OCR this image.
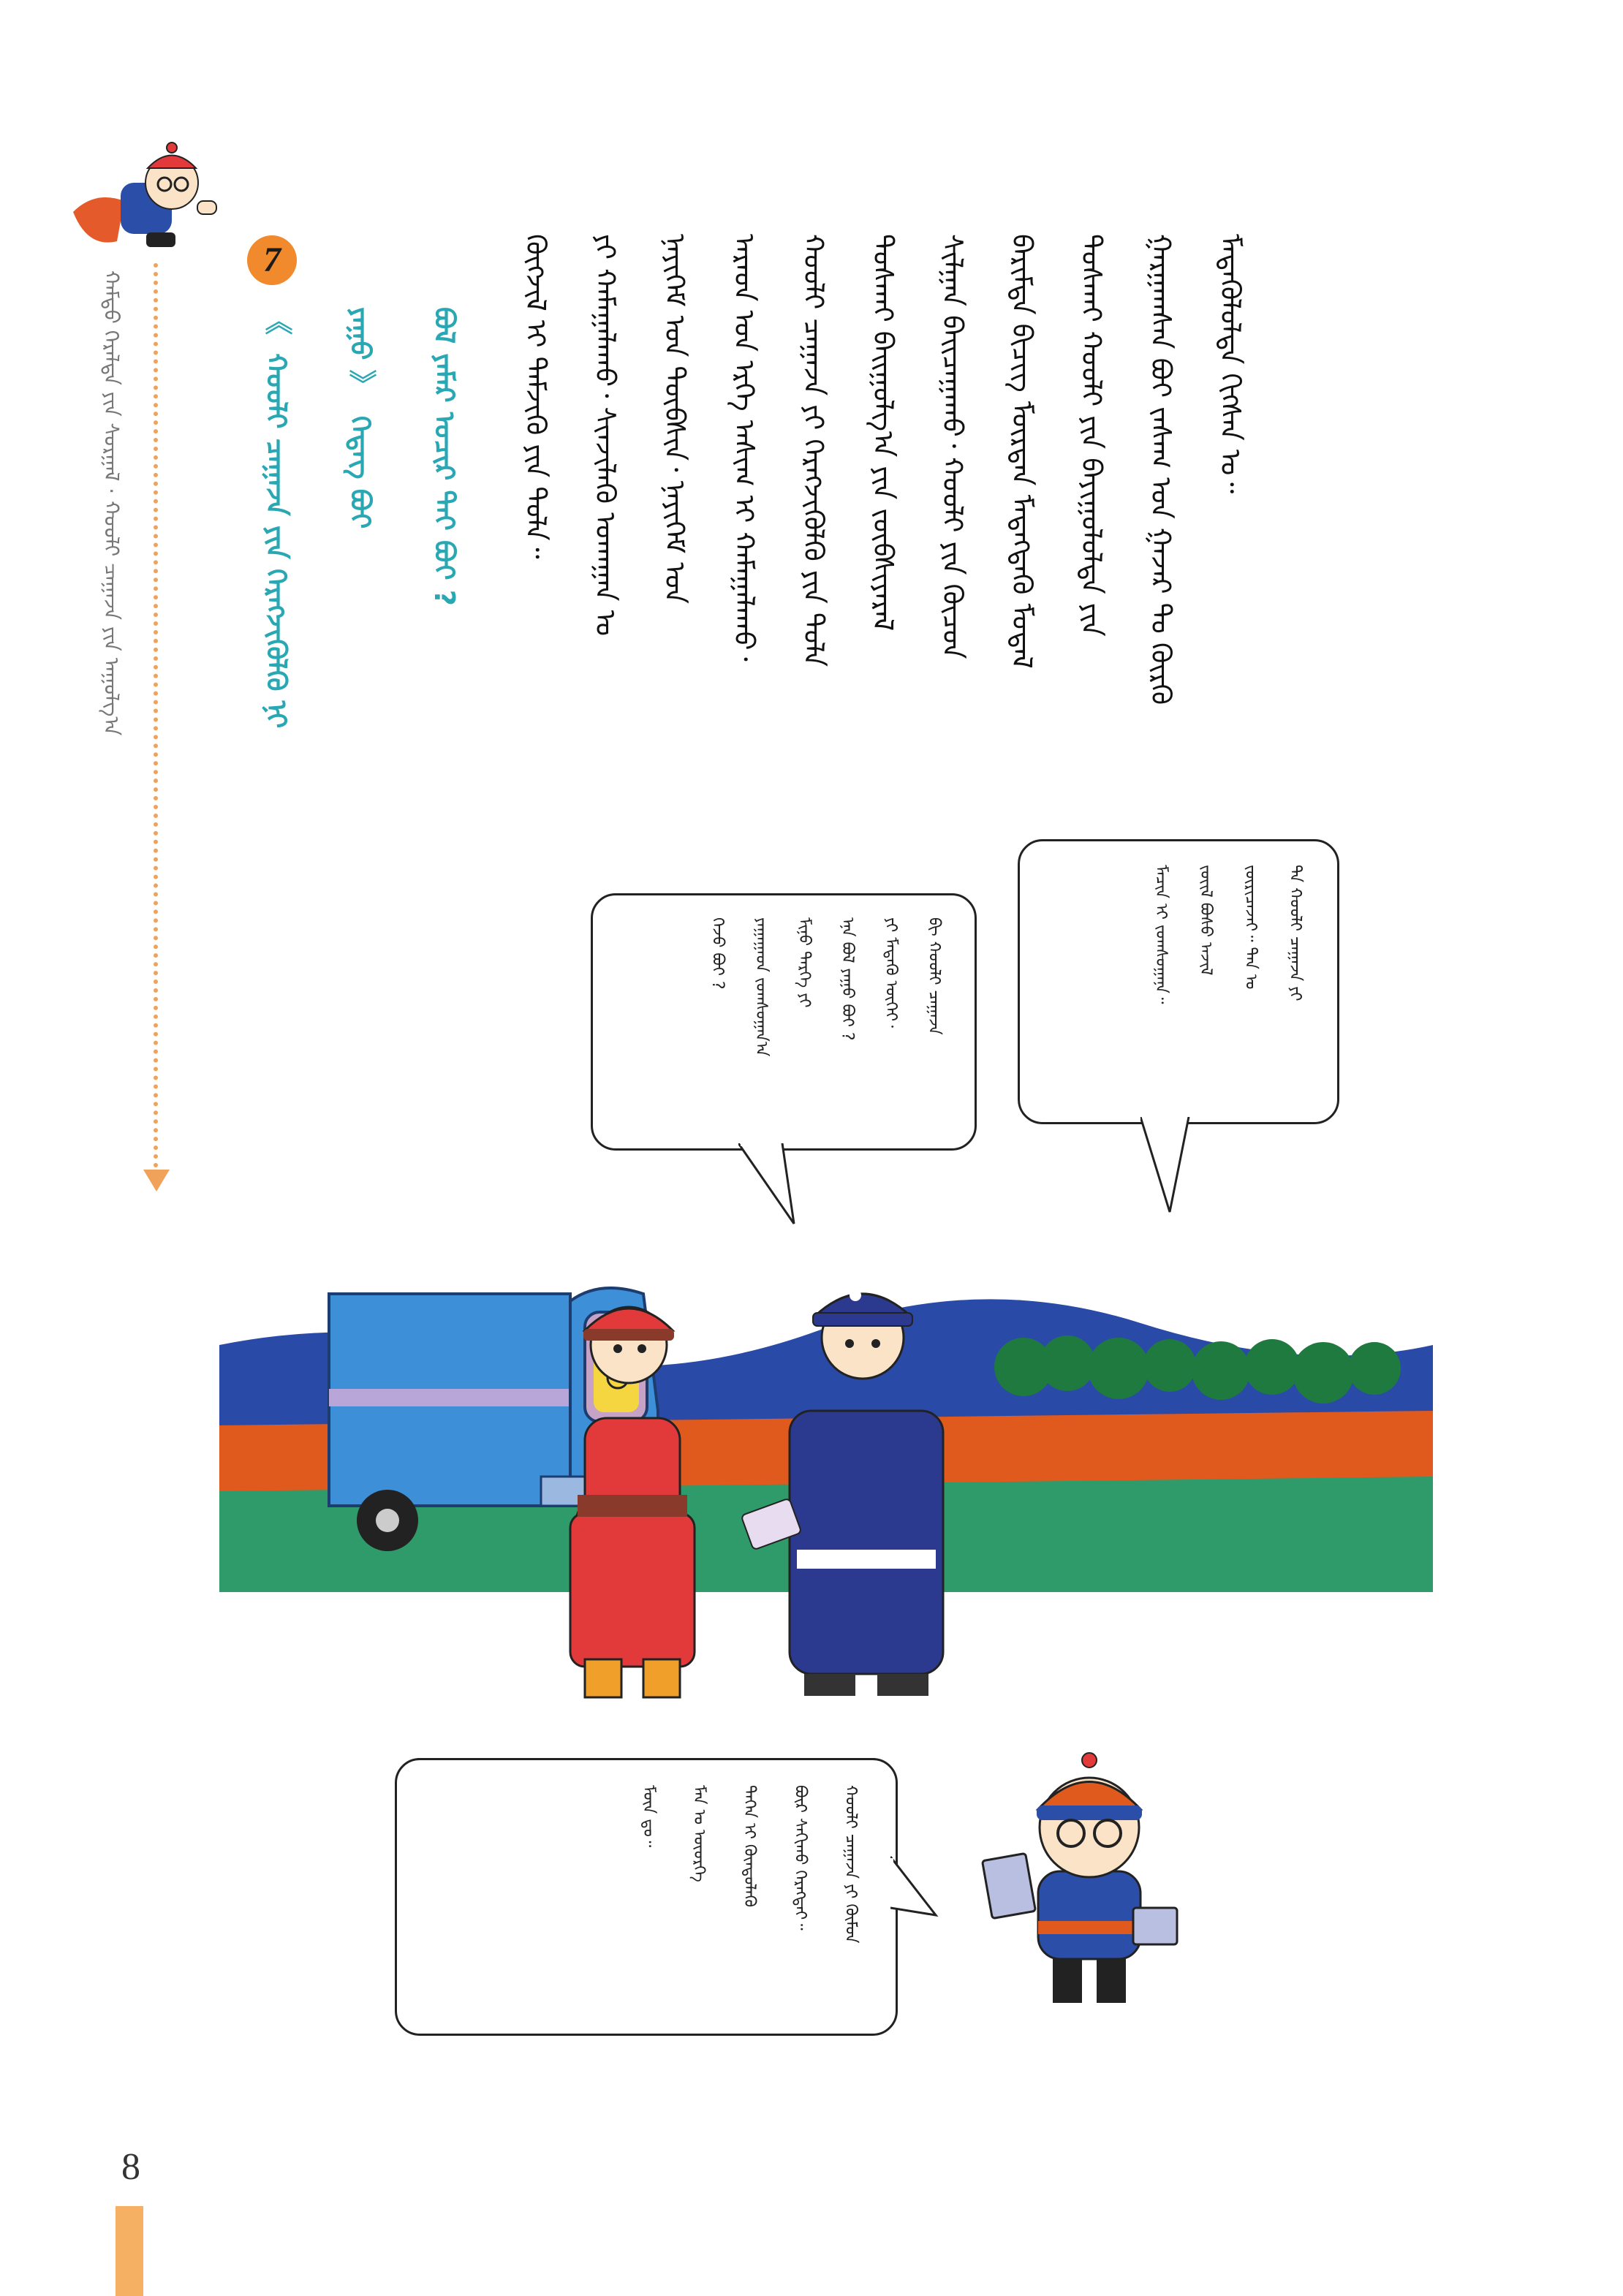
ᠬᠠᠮᠲᠤ ᠭᠡᠷᠡᠯᠲᠡ ᠶᠢᠨ ᠰᠤᠷᠭᠠᠯ · ᠬᠤᠤᠯᠢ ᠴᠠᠭᠠᠵᠠ ᠶᠢᠨ ᠠᠭᠤᠯᠭ᠎ᠠ
8
7
《 ᠬᠤᠤᠯᠢ ᠴᠠᠭᠠᠵᠠ ᠶᠢᠨ ᠬᠡᠷᠡᠭᠵᠢᠭᠦᠯᠬᠦ ᠨᠢ ᠶᠠᠭᠤ 》 ᠭᠡᠳᠡᠭ ᠪᠤᠢ ᠪᠤᠯ ᠶᠠᠮᠠᠷ ᠤᠴᠢᠷ ᠲᠠᠢ ᠪᠤᠢ ?	ᠮᠡᠳᠡᠭᠦᠯᠦᠯᠲᠡ ᠬᠢᠭᠰᠡᠨ ᠣ᠃
ᠭᠠᠷᠭᠠᠭᠰᠠᠨ ᠪᠤᠢ ᠵᠠᠰᠠᠭ ᠤᠨ ᠭᠠᠵᠠᠷ ᠲᠤ ᠬᠦᠷᠬᠦ
ᠲᠤᠰᠬᠠᠢ ᠬᠤᠤᠯᠢ ᠶᠢᠨ ᠪᠠᠶᠢᠭᠤᠯᠤᠯᠲᠠ ᠶᠢᠨ
ᠪᠠᠷᠢᠮᠲᠠ ᠪᠢᠴᠢᠭ ᠮᠥᠷᠳᠡᠨ ᠮᠡᠳᠡᠭᠳᠡᠬᠦ ᠮᠤᠳᠠᠯ
ᠰᠢᠯᠭᠠᠨ ᠪᠠᠢᠴᠠᠭᠠᠬᠤ᠂ ᠬᠤᠤᠯᠢ ᠶᠢᠨ ᠬᠦᠴᠦᠨ
ᠲᠤᠰᠬᠠᠢ ᠪᠠᠢᠭᠤᠯᠭ᠎ᠠ ᠶᠢᠨ ᠵᠥᠪᠰᠢᠶᠡᠷᠡᠯ
ᠬᠤᠤᠯᠢ ᠴᠠᠭᠠᠵᠠ ᠶᠢ ᠬᠡᠷᠡᠭᠵᠢᠭᠦᠯᠬᠦ ᠶᠢᠨ ᠲᠤᠯᠠ
ᠠᠷᠠᠳ ᠤᠨ ᠡᠷᠬᠡ ᠠᠰᠢᠭ ᠢ ᠬᠠᠮᠠᠭᠠᠯᠠᠬᠤ᠂
ᠨᠡᠶᠢᠭᠡᠮ ᠤᠨ ᠲᠥᠪᠰᠢᠨ᠂ ᠨᠡᠶᠢᠭᠡᠮ ᠤᠨ
ᠶᠢ ᠬᠠᠮᠠᠭᠠᠯᠠᠬᠤ᠂ ᠰᠢᠨᠵᠢᠯᠡᠬᠦ ᠤᠬᠠᠭᠠᠨ ᠤ
ᠬᠥᠭᠵᠢᠯ ᠢ ᠳᠡᠮᠵᠢᠬᠦ ᠶᠢᠨ ᠲᠤᠯᠠ᠃
ᠲᠠ ᠬᠤᠤᠯᠢ ᠴᠠᠭᠠᠵᠠ ᠶᠢ
ᠵᠥᠷᠢᠴᠡᠵᠡᠢ᠃ ᠲᠠᠨ ᠤ
ᠵᠦᠢᠯ ᠪᠤᠰᠤ ᠠᠵᠢᠯ
ᠮᠠᠴᠢᠨ ᠢ ᠵᠣᠭᠰᠣᠭᠠᠨᠠ᠃
ᠪᠢ ᠬᠤᠤᠯᠢ ᠴᠠᠭᠠᠵᠠ
ᠶᠢ ᠮᠡᠳᠡᠬᠦ ᠦᠭᠡᠢ᠂
ᠡᠨᠡ ᠪᠤᠯ ᠶᠠᠭᠤ ᠪᠤᠢ ?
ᠮᠢᠨᠦ ᠲᠡᠷᠭᠡ ᠶᠢ
ᠶᠠᠭᠠᠭᠠᠳ ᠵᠣᠭᠰᠣᠭᠠᠨ᠎ᠠ
ᠭᠡᠵᠦ ᠪᠤᠢ ?
ᠬᠤᠤᠯᠢ ᠴᠠᠭᠠᠵᠠ ᠶᠢ ᠬᠦᠮᠦᠨ
ᠪᠦᠷ ᠰᠠᠬᠢᠬᠤ ᠬᠡᠷᠡᠭᠲᠡᠢ᠃
ᠲᠡᠭᠡᠨ ᠢ ᠬᠦᠨᠳᠦᠯᠡᠬᠦ
ᠮᠠᠨ ᠤ ᠦᠦᠷᠭᠡ
ᠮᠦᠨ ᠳᠤ᠃
